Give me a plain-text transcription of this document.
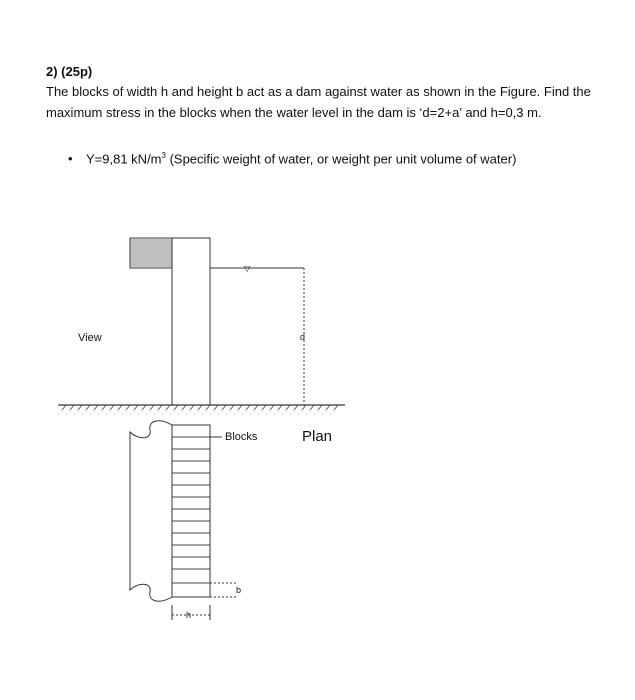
2) (25p)
The blocks of width h and height b act as a dam against water as shown in the Figure. Find the maximum stress in the blocks when the water level in the dam is ‘d=2+a’ and h=0,3 m.
•	Y=9,81 $kN/m^3$ (Specific weight of water, or weight per unit volume of water)
▽
d
View
Blocks	Plan
b
h
